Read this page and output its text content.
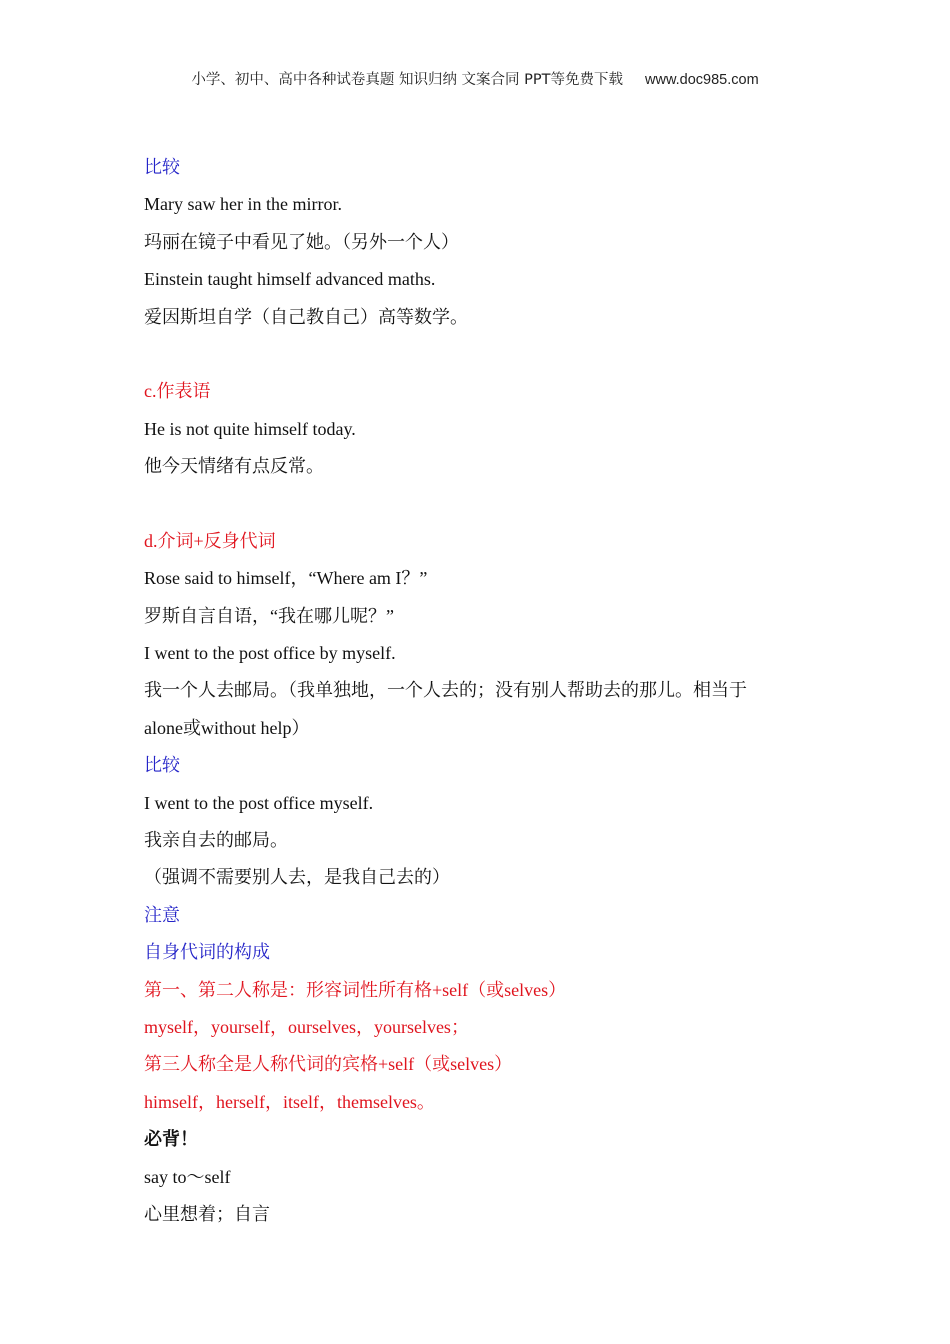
小学、初中、高中各种试卷真题 知识归纳 文案合同 PPT等免费下载 www.doc985.com
比较
Mary saw her in the mirror.
玛丽在镜子中看见了她。（另外一个人）
Einstein taught himself advanced maths.
爱因斯坦自学（自己教自己）高等数学。
c.作表语
He is not quite himself today.
他今天情绪有点反常。
d.介词+反身代词
Rose said to himself，“Where am I？”
罗斯自言自语，“我在哪儿呢？”
I went to the post office by myself.
我一个人去邮局。（我单独地，一个人去的；没有别人帮助去的那儿。相当于
alone或without help）
比较
I went to the post office myself.
我亲自去的邮局。
（强调不需要别人去，是我自己去的）
注意
自身代词的构成
第一、第二人称是：形容词性所有格+self（或selves）
myself，yourself，ourselves，yourselves；
第三人称全是人称代词的宾格+self（或selves）
himself，herself，itself，themselves。
必背！
say to～self
心里想着；自言
